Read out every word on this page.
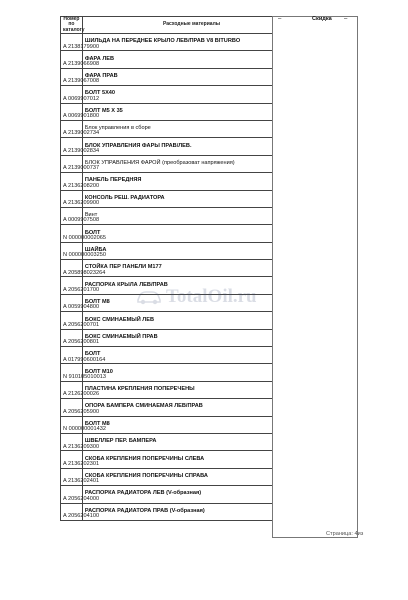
Номер по каталогу	Расходные материалы		
A 2138179900	ШИЛЬДА НА ПЕРЕДНЕЕ КРЫЛО ЛЕВ/ПРАВ V8 BITURBO		
A 2139066908	ФАРА ЛЕВ		
A 2139067008	ФАРА ПРАВ		
A 0069907012	БОЛТ 5X40		
A 0069901800	БОЛТ М5 X 35		
A 2139002734	Блок управления в сборе		
A 2139002834	БЛОК УПРАВЛЕНИЯ ФАРЫ ПРАВ/ЛЕВ.		
A 2139000737	БЛОК УПРАВЛЕНИЯ ФАРОЙ (преобразоват напряжения)		
A 2136208200	ПАНЕЛЬ ПЕРЕДНЯЯ		
A 2136209900	КОНСОЛЬ РЕШ. РАДИАТОРА		
A 0009907508	Винт		
N 000000002065	БОЛТ		
N 000000003250	ШАЙБА		
A 205898023264	СТОЙКА ПЕР ПАНЕЛИ М177		
A 2056201700	РАСПОРКА КРЫЛА ЛЕВ/ПРАВ		
A 0059904800	БОЛТ M8		
A 2056200701	БОКС СМИНАЕМЫЙ ЛЕВ		
A 2056200801	БОКС СМИНАЕМЫЙ ПРАВ		
A 017990600164	БОЛТ		
N 910105010013	БОЛТ M10		
A 2126200026	ПЛАСТИНА КРЕПЛЕНИЯ ПОПЕРЕЧЕНЫ		
A 2056205900	ОПОРА БАМПЕРА СМИНАЕМАЯ ЛЕВ/ПРАВ		
N 000000001432	БОЛТ M8		
A 2136209300	ШВЕЛЛЕР ПЕР. БАМПЕРА		
A 2136202301	СКОБА КРЕПЛЕНИЯ ПОПЕРЕЧИНЫ СЛЕВА		
A 2136202401	СКОБА КРЕПЛЕНИЯ ПОПЕРЕЧИНЫ СПРАВА		
A 2056204000	РАСПОРКА РАДИАТОРА ЛЕВ (V-образная)		
A 2056204100	РАСПОРКА РАДИАТОРА ПРАВ (V-образная)		
–	Скидка –
Страница: 4из
TotalOil.ru
